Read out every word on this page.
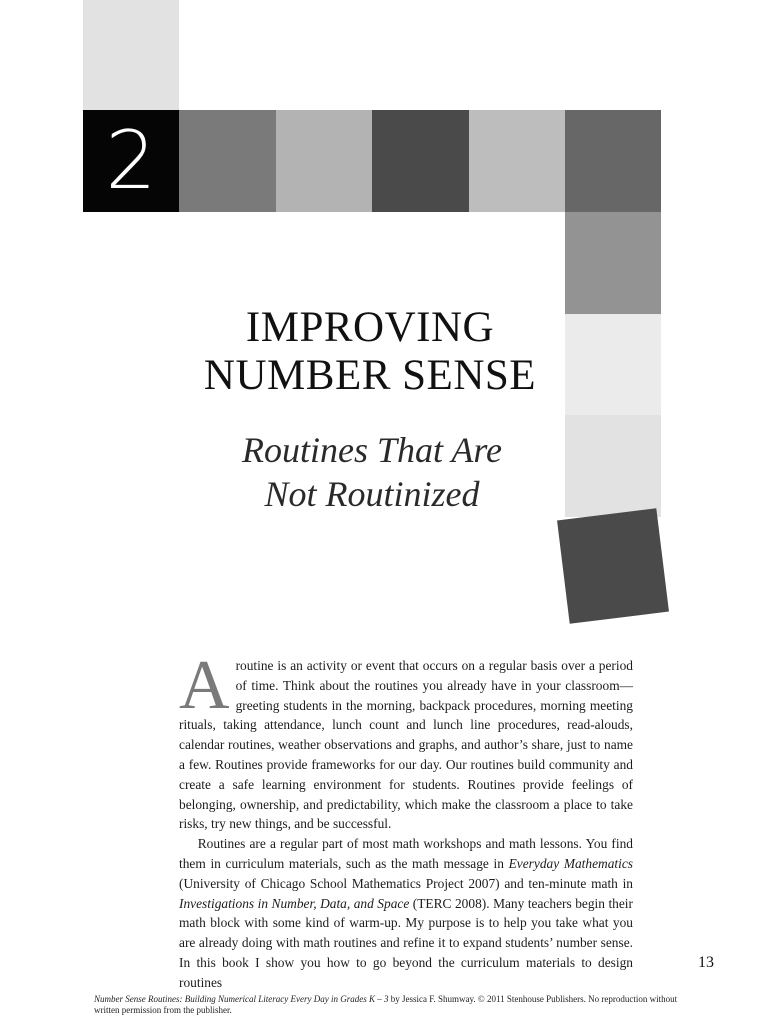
2
IMPROVING
NUMBER SENSE
Routines That Are
Not Routinized

Aroutine is an activity or event that occurs on a regular basis over a period of time. Think about the routines you already have in your classroom—greeting students in the morning, backpack procedures, morning meeting rituals, taking attendance, lunch count and lunch line procedures, read-alouds, calendar routines, weather observations and graphs, and author’s share, just to name a few. Routines provide frameworks for our day. Our routines build community and create a safe learning environment for students. Routines provide feelings of belonging, ownership, and predictability, which make the classroom a place to take risks, try new things, and be successful.

Routines are a regular part of most math workshops and math lessons. You find them in curriculum materials, such as the math message in Everyday Mathematics (University of Chicago School Mathematics Project 2007) and ten-minute math in Investigations in Number, Data, and Space (TERC 2008). Many teachers begin their math block with some kind of warm-up. My purpose is to help you take what you are already doing with math routines and refine it to expand students’ number sense. In this book I show you how to go beyond the curriculum materials to design routines

13
Number Sense Routines: Building Numerical Literacy Every Day in Grades K – 3 by Jessica F. Shumway. © 2011 Stenhouse Publishers. No reproduction without written permission from the publisher.
